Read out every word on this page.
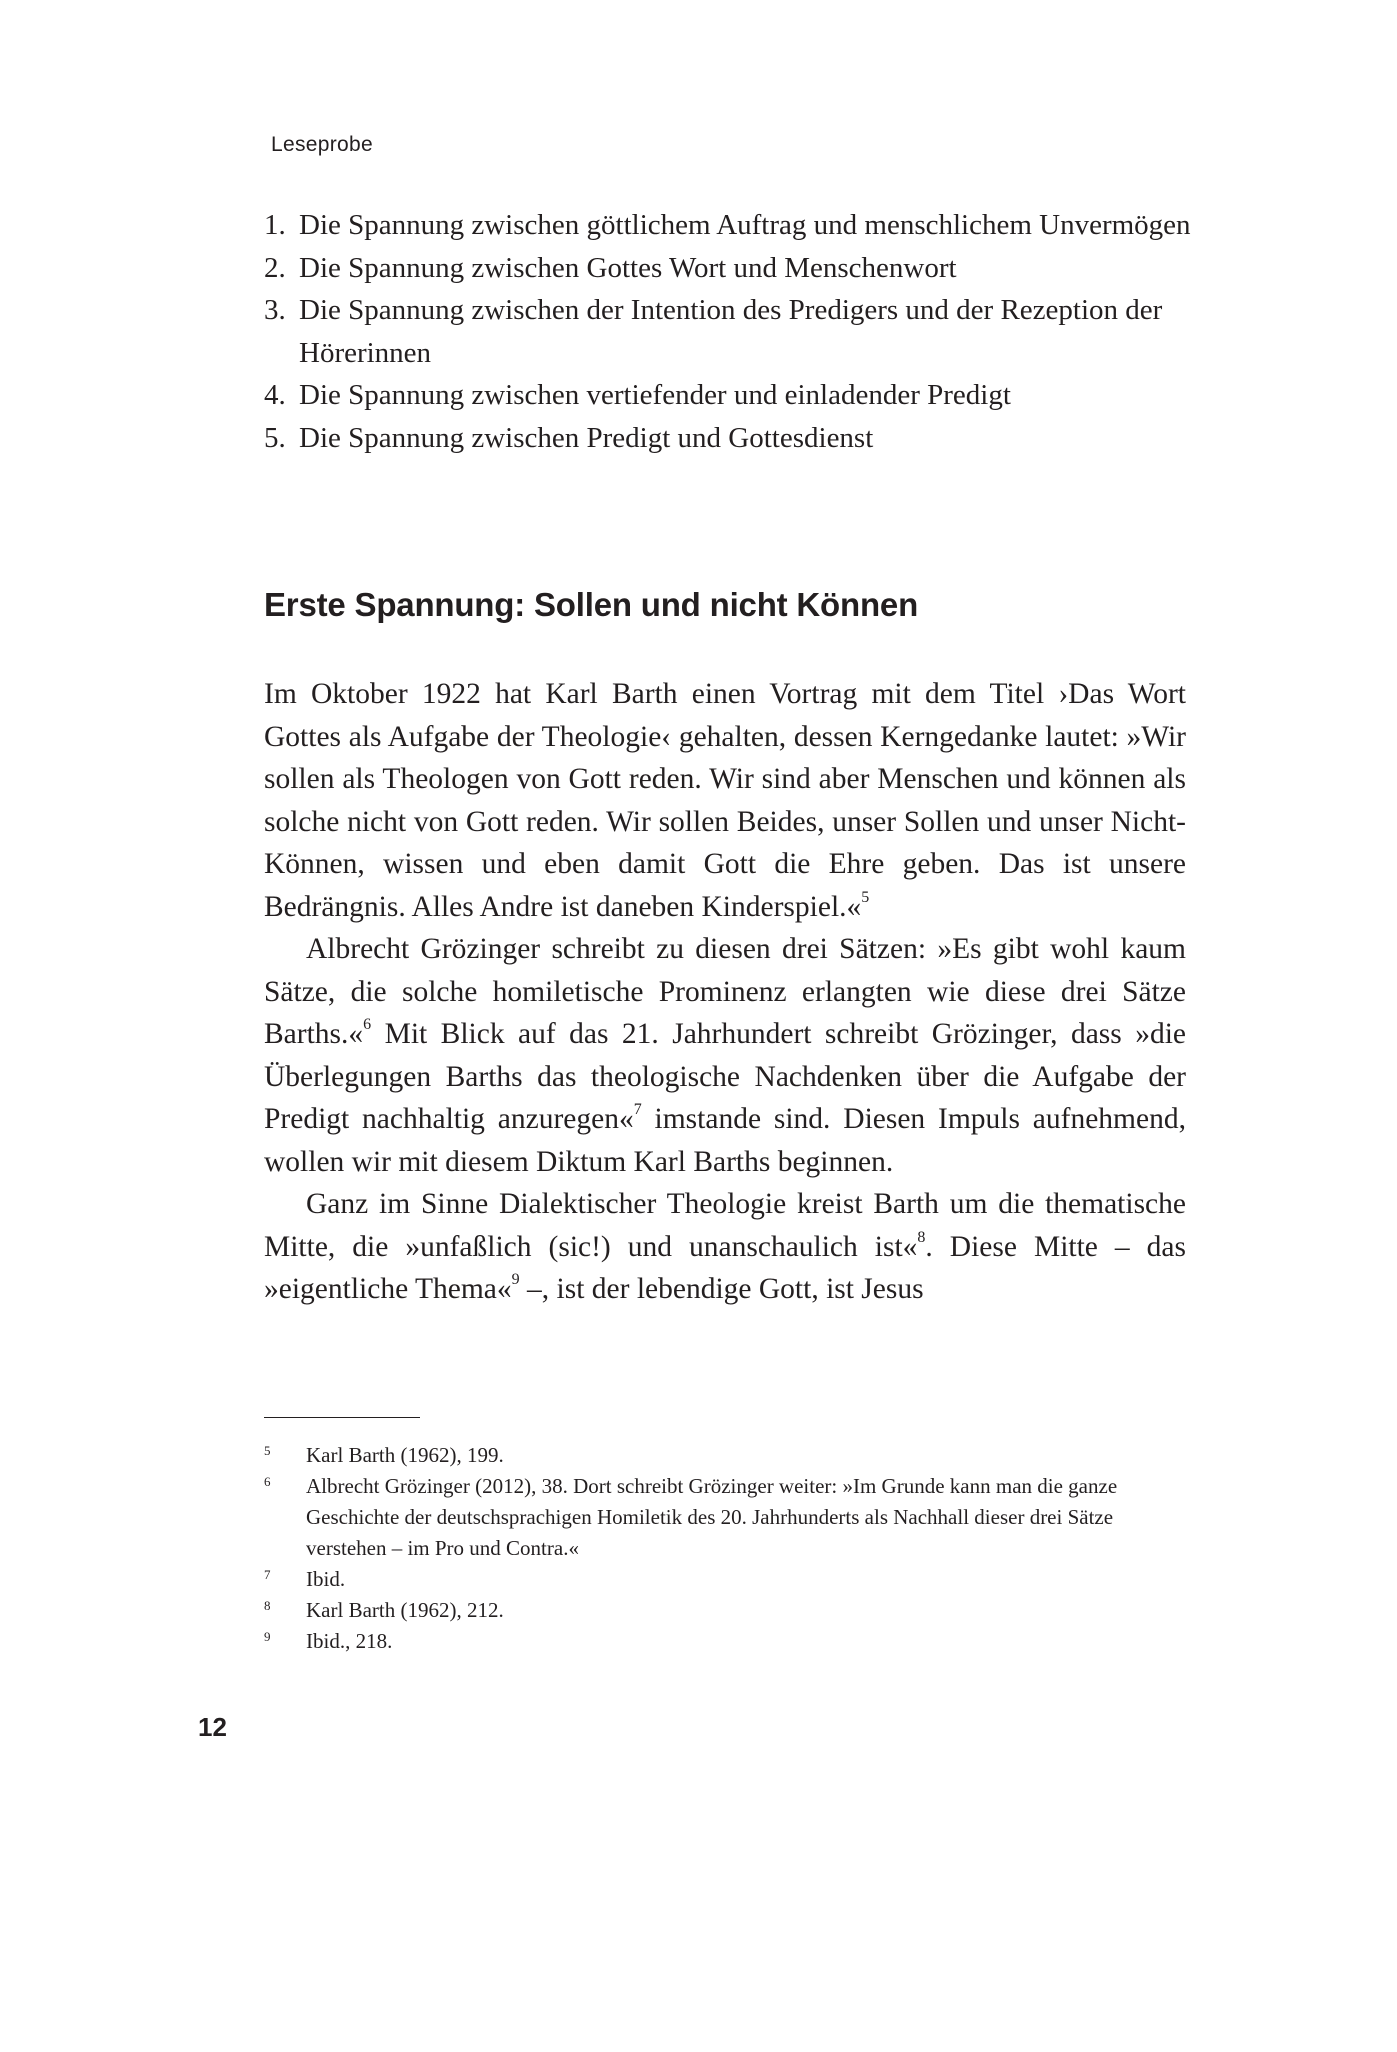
Leseprobe
1. Die Spannung zwischen göttlichem Auftrag und menschlichem Unvermögen
2. Die Spannung zwischen Gottes Wort und Menschenwort
3. Die Spannung zwischen der Intention des Predigers und der Rezeption der Hörerinnen
4. Die Spannung zwischen vertiefender und einladender Predigt
5. Die Spannung zwischen Predigt und Gottesdienst
Erste Spannung: Sollen und nicht Können

Im Oktober 1922 hat Karl Barth einen Vortrag mit dem Titel ›Das Wort Gottes als Aufgabe der Theologie‹ gehalten, dessen Kerngedanke lautet: »Wir sollen als Theologen von Gott reden. Wir sind aber Menschen und können als solche nicht von Gott reden. Wir sollen Beides, unser Sollen und unser Nicht-Können, wissen und eben damit Gott die Ehre geben. Das ist unsere Bedrängnis. Alles Andre ist daneben Kinderspiel.«$^5$

Albrecht Grözinger schreibt zu diesen drei Sätzen: »Es gibt wohl kaum Sätze, die solche homiletische Prominenz erlangten wie diese drei Sätze Barths.«$^6$ Mit Blick auf das 21. Jahrhundert schreibt Grözinger, dass »die Überlegungen Barths das theologische Nachdenken über die Aufgabe der Predigt nachhaltig anzuregen«$^7$ imstande sind. Diesen Impuls aufnehmend, wollen wir mit diesem Diktum Karl Barths beginnen.

Ganz im Sinne Dialektischer Theologie kreist Barth um die thematische Mitte, die »unfaßlich (sic!) und unanschaulich ist«$^8$. Diese Mitte – das »eigentliche Thema«$^9$ –, ist der lebendige Gott, ist Jesus

5 Karl Barth (1962), 199.
6 Albrecht Grözinger (2012), 38. Dort schreibt Grözinger weiter: »Im Grunde kann man die ganze Geschichte der deutschsprachigen Homiletik des 20. Jahrhunderts als Nachhall dieser drei Sätze verstehen – im Pro und Contra.«
7 Ibid.
8 Karl Barth (1962), 212.
9 Ibid., 218.
12
